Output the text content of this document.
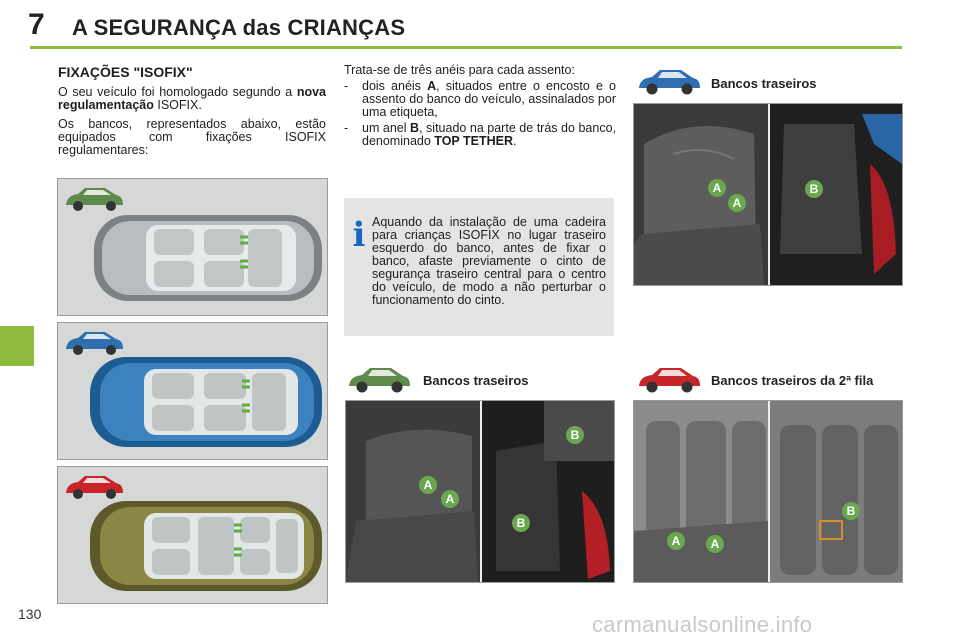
7 A SEGURANÇA das CRIANÇAS
FIXAÇÕES "ISOFIX"
O seu veículo foi homologado segundo a nova regulamentação ISOFIX.
Os bancos, representados abaixo, estão equipados com fixações ISOFIX regulamentares:
Trata-se de três anéis para cada assento:
- dois anéis A, situados entre o encosto e o assento do banco do veículo, assinalados por uma etiqueta,
- um anel B, situado na parte de trás do banco, denominado TOP TETHER.
i Aquando da instalação de uma cadeira para crianças ISOFIX no lugar traseiro esquerdo do banco, antes de fixar o banco, afaste previamente o cinto de segurança traseiro central para o centro do veículo, de modo a não perturbar o funcionamento do cinto.
Bancos traseiros
A
A
B
Bancos traseiros
A
A
B
B
Bancos traseiros da 2ª fila
A	A
B
130	carmanualsonline.info
